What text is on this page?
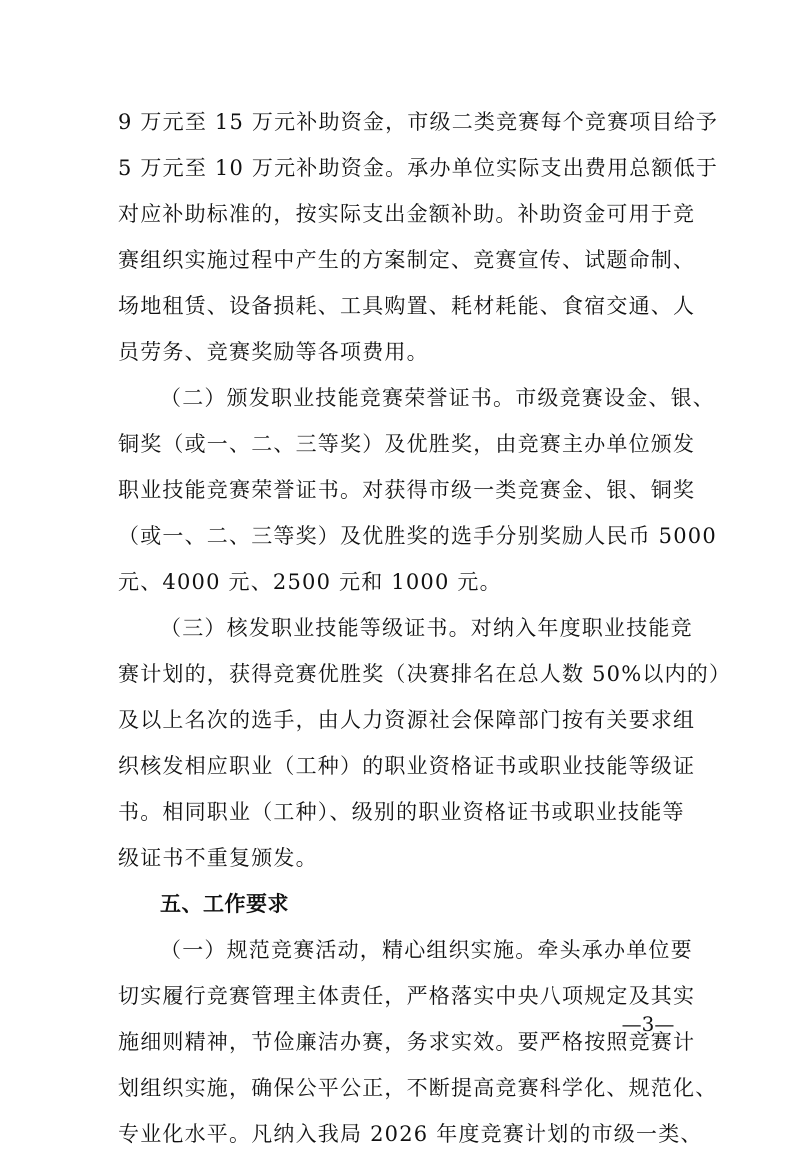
9 万元至 15 万元补助资金，市级二类竞赛每个竞赛项目给予
5 万元至 10 万元补助资金。承办单位实际支出费用总额低于
对应补助标准的，按实际支出金额补助。补助资金可用于竞
赛组织实施过程中产生的方案制定、竞赛宣传、试题命制、
场地租赁、设备损耗、工具购置、耗材耗能、食宿交通、人
员劳务、竞赛奖励等各项费用。
（二）颁发职业技能竞赛荣誉证书。市级竞赛设金、银、
铜奖（或一、二、三等奖）及优胜奖，由竞赛主办单位颁发
职业技能竞赛荣誉证书。对获得市级一类竞赛金、银、铜奖
（或一、二、三等奖）及优胜奖的选手分别奖励人民币 5000
元、4000 元、2500 元和 1000 元。
（三）核发职业技能等级证书。对纳入年度职业技能竞
赛计划的，获得竞赛优胜奖（决赛排名在总人数 50%以内的）
及以上名次的选手，由人力资源社会保障部门按有关要求组
织核发相应职业（工种）的职业资格证书或职业技能等级证
书。相同职业（工种）、级别的职业资格证书或职业技能等
级证书不重复颁发。
五、工作要求
（一）规范竞赛活动，精心组织实施。牵头承办单位要
切实履行竞赛管理主体责任，严格落实中央八项规定及其实
施细则精神，节俭廉洁办赛，务求实效。要严格按照竞赛计
划组织实施，确保公平公正，不断提高竞赛科学化、规范化、
专业化水平。凡纳入我局 2026 年度竞赛计划的市级一类、
—3—
